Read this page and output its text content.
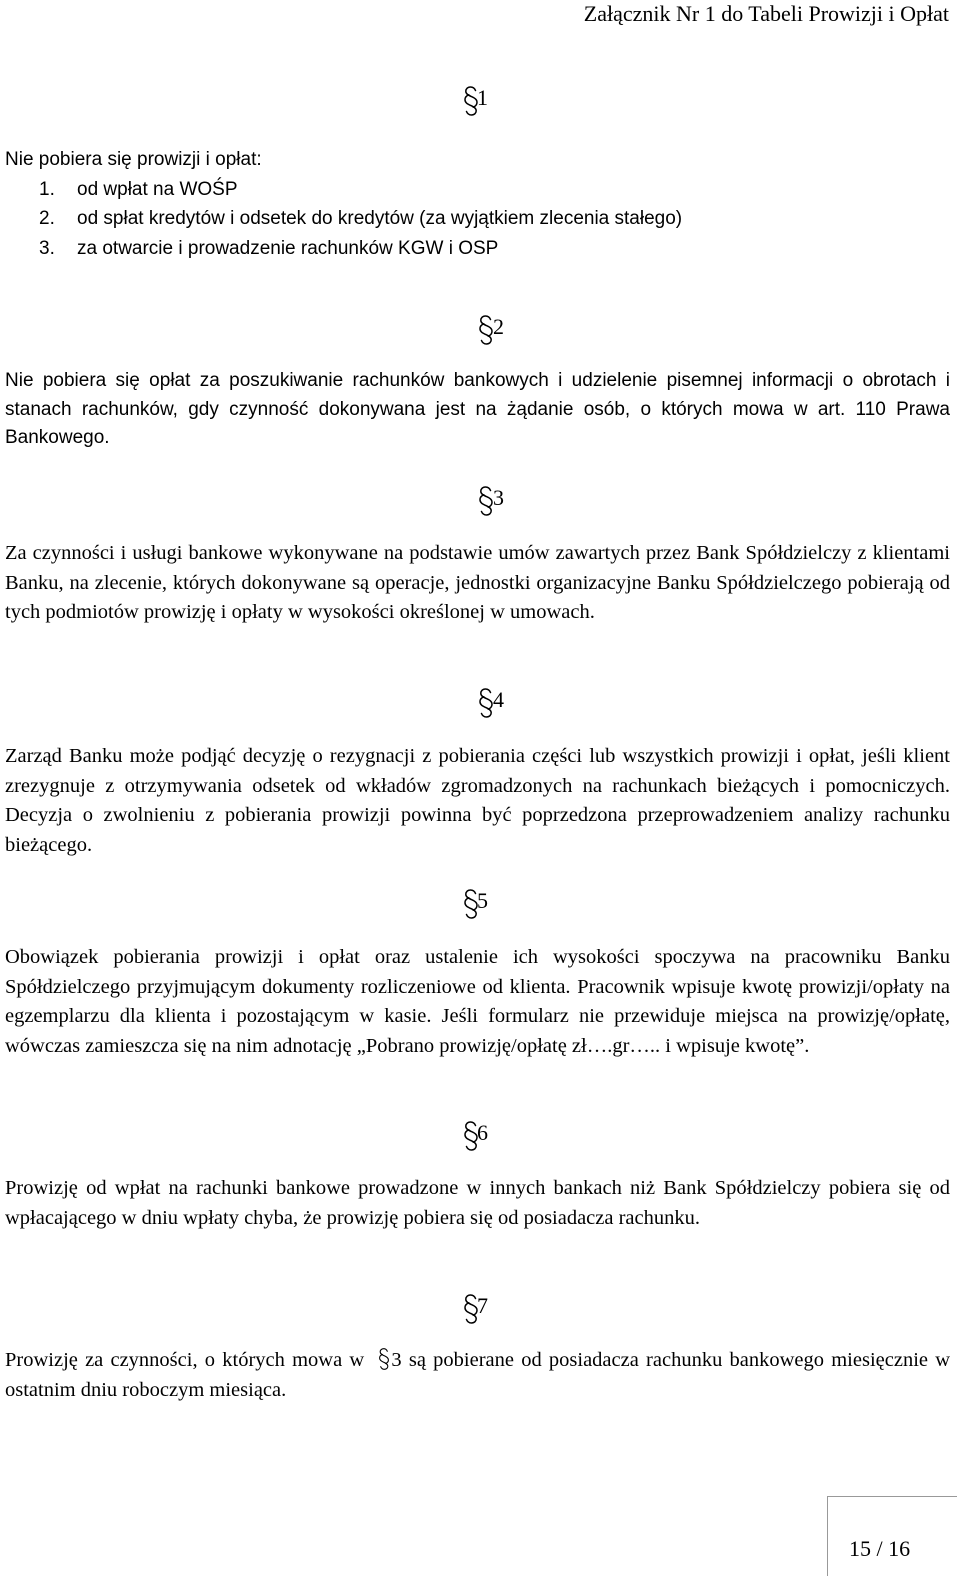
Załącznik Nr 1 do Tabeli Prowizji i Opłat
1
Nie pobiera się prowizji i opłat:
1. od wpłat na WOŚP
2. od spłat kredytów i odsetek do kredytów (za wyjątkiem zlecenia stałego)
3. za otwarcie i prowadzenie rachunków KGW i OSP
2
Nie pobiera się opłat za poszukiwanie rachunków bankowych i udzielenie pisemnej informacji o obrotach i stanach rachunków, gdy czynność dokonywana jest na żądanie osób, o których mowa w art. 110 Prawa Bankowego.
3
Za czynności i usługi bankowe wykonywane na podstawie umów zawartych przez Bank Spółdzielczy z klientami Banku, na zlecenie, których dokonywane są operacje, jednostki organizacyjne Banku Spółdzielczego pobierają od tych podmiotów prowizję i opłaty w wysokości określonej w umowach.
4
Zarząd Banku może podjąć decyzję o rezygnacji z pobierania części lub wszystkich prowizji i opłat, jeśli klient zrezygnuje z otrzymywania odsetek od wkładów zgromadzonych na rachunkach bieżących i pomocniczych. Decyzja o zwolnieniu z pobierania prowizji powinna być poprzedzona przeprowadzeniem analizy rachunku bieżącego.
5
Obowiązek pobierania prowizji i opłat oraz ustalenie ich wysokości spoczywa na pracowniku Banku Spółdzielczego przyjmującym dokumenty rozliczeniowe od klienta. Pracownik wpisuje kwotę prowizji/opłaty na egzemplarzu dla klienta i pozostającym w kasie. Jeśli formularz nie przewiduje miejsca na prowizję/opłatę, wówczas zamieszcza się na nim adnotację „Pobrano prowizję/opłatę zł….gr….. i wpisuje kwotę”.
6
Prowizję od wpłat na rachunki bankowe prowadzone w innych bankach niż Bank Spółdzielczy pobiera się od wpłacającego w dniu wpłaty chyba, że prowizję pobiera się od posiadacza rachunku.
7
Prowizję za czynności, o których mowa w 3 są pobierane od posiadacza rachunku bankowego miesięcznie w ostatnim dniu roboczym miesiąca.
15 / 16
